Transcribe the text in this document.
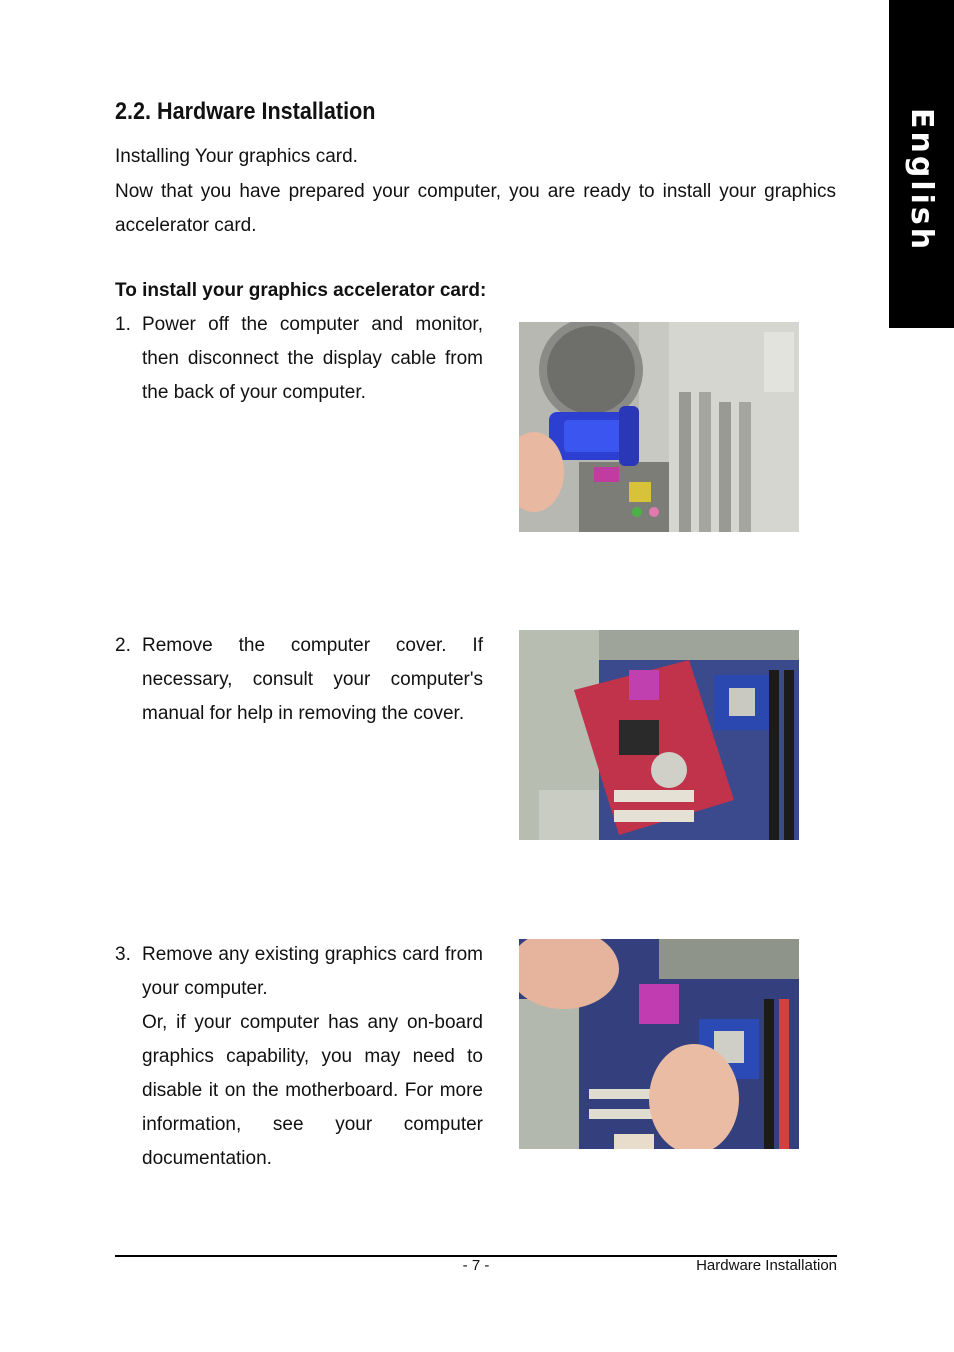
English
2.2. Hardware Installation

Installing Your graphics card.

Now that you have prepared your computer, you are ready to install your graphics accelerator card.

To install your graphics accelerator card:
1. Power off the computer and monitor, then disconnect the display cable from the back of your computer.

2. Remove the computer cover. If necessary, consult your computer's manual for help in removing the cover.

3. Remove any existing graphics card from your computer.

Or, if your computer has any on-board graphics capability, you may need to disable it on the motherboard. For more information, see your computer documentation.

- 7 -	Hardware Installation
